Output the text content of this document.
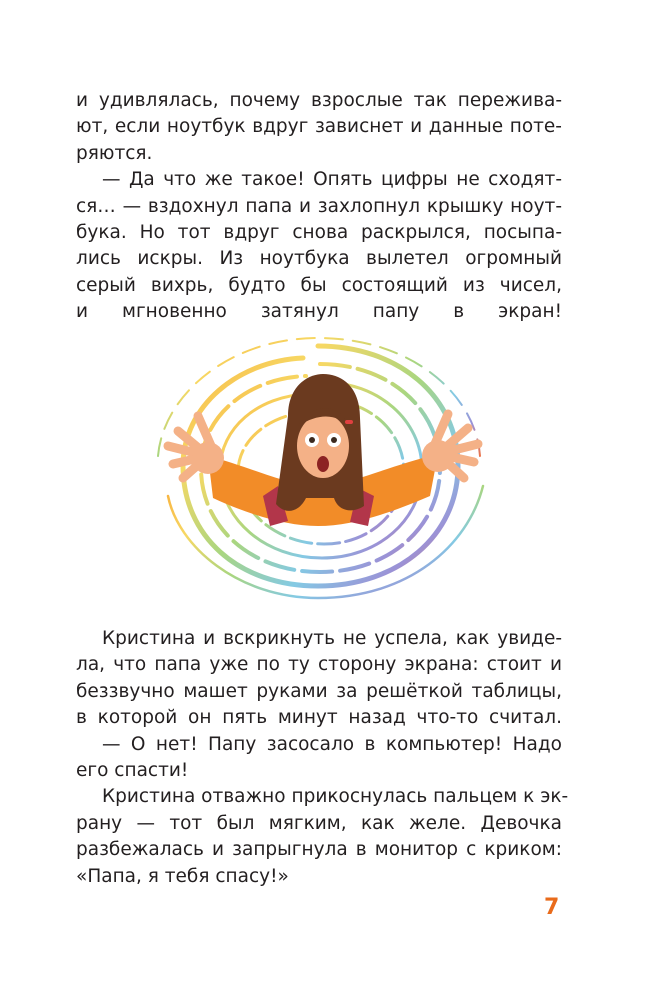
и удивлялась, почему взрослые так пережива-
ют, если ноутбук вдруг зависнет и данные поте-
ряются.
— Да что же такое! Опять цифры не сходят-
ся… — вздохнул папа и захлопнул крышку ноут-
бука. Но тот вдруг снова раскрылся, посыпа-
лись искры. Из ноутбука вылетел огромный
серый вихрь, будто бы состоящий из чисел,
и мгновенно затянул папу в экран!
Кристина и вскрикнуть не успела, как увиде-
ла, что папа уже по ту сторону экрана: стоит и
беззвучно машет руками за решёткой таблицы,
в которой он пять минут назад что-то считал.
— О нет! Папу засосало в компьютер! Надо
его спасти!
Кристина отважно прикоснулась пальцем к эк-
рану — тот был мягким, как желе. Девочка
разбежалась и запрыгнула в монитор с криком:
«Папа, я тебя спасу!»
7
